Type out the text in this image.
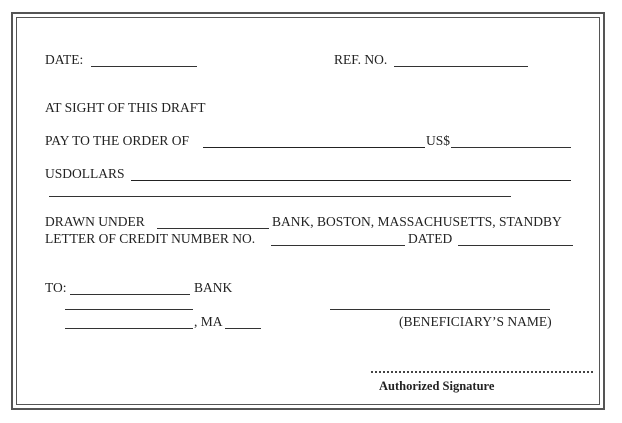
DATE:	REF. NO.
AT SIGHT OF THIS DRAFT
PAY TO THE ORDER OF	US$
USDOLLARS
DRAWN UNDER	BANK, BOSTON, MASSACHUSETTS, STANDBY
LETTER OF CREDIT NUMBER NO.	DATED
TO:	BANK
, MA	(BENEFICIARY’S NAME)
Authorized Signature
